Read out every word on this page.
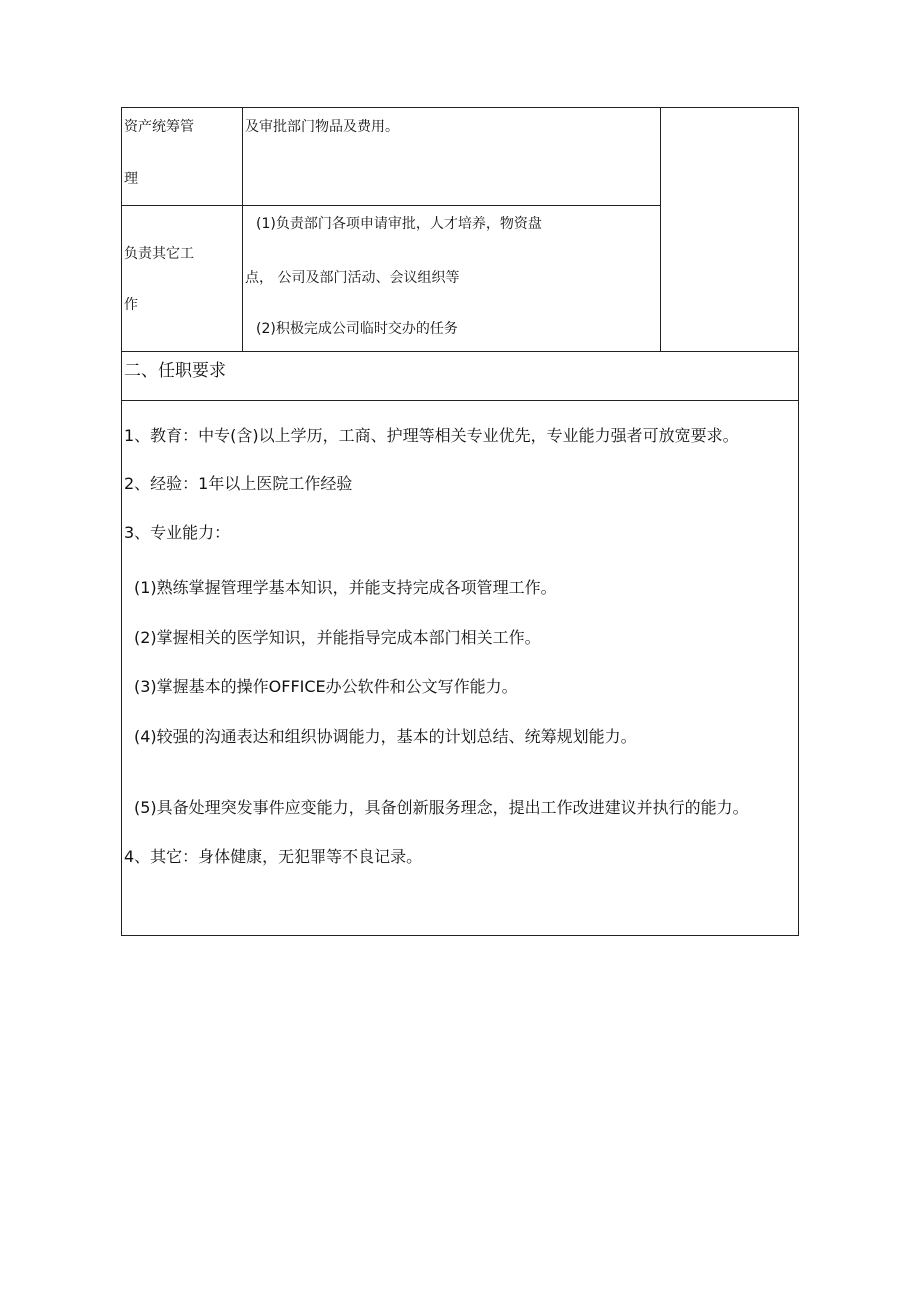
资产统筹管
理
及审批部门物品及费用。
负责其它工
作
(1)负责部门各项申请审批，人才培养，物资盘
点， 公司及部门活动、会议组织等
(2)积极完成公司临时交办的任务
二、任职要求
1、教育：中专(含)以上学历，工商、护理等相关专业优先，专业能力强者可放宽要求。
2、经验：1年以上医院工作经验
3、专业能力：
(1)熟练掌握管理学基本知识，并能支持完成各项管理工作。
(2)掌握相关的医学知识，并能指导完成本部门相关工作。
(3)掌握基本的操作OFFICE办公软件和公文写作能力。
(4)较强的沟通表达和组织协调能力，基本的计划总结、统筹规划能力。
(5)具备处理突发事件应变能力，具备创新服务理念，提出工作改进建议并执行的能力。
4、其它：身体健康，无犯罪等不良记录。
